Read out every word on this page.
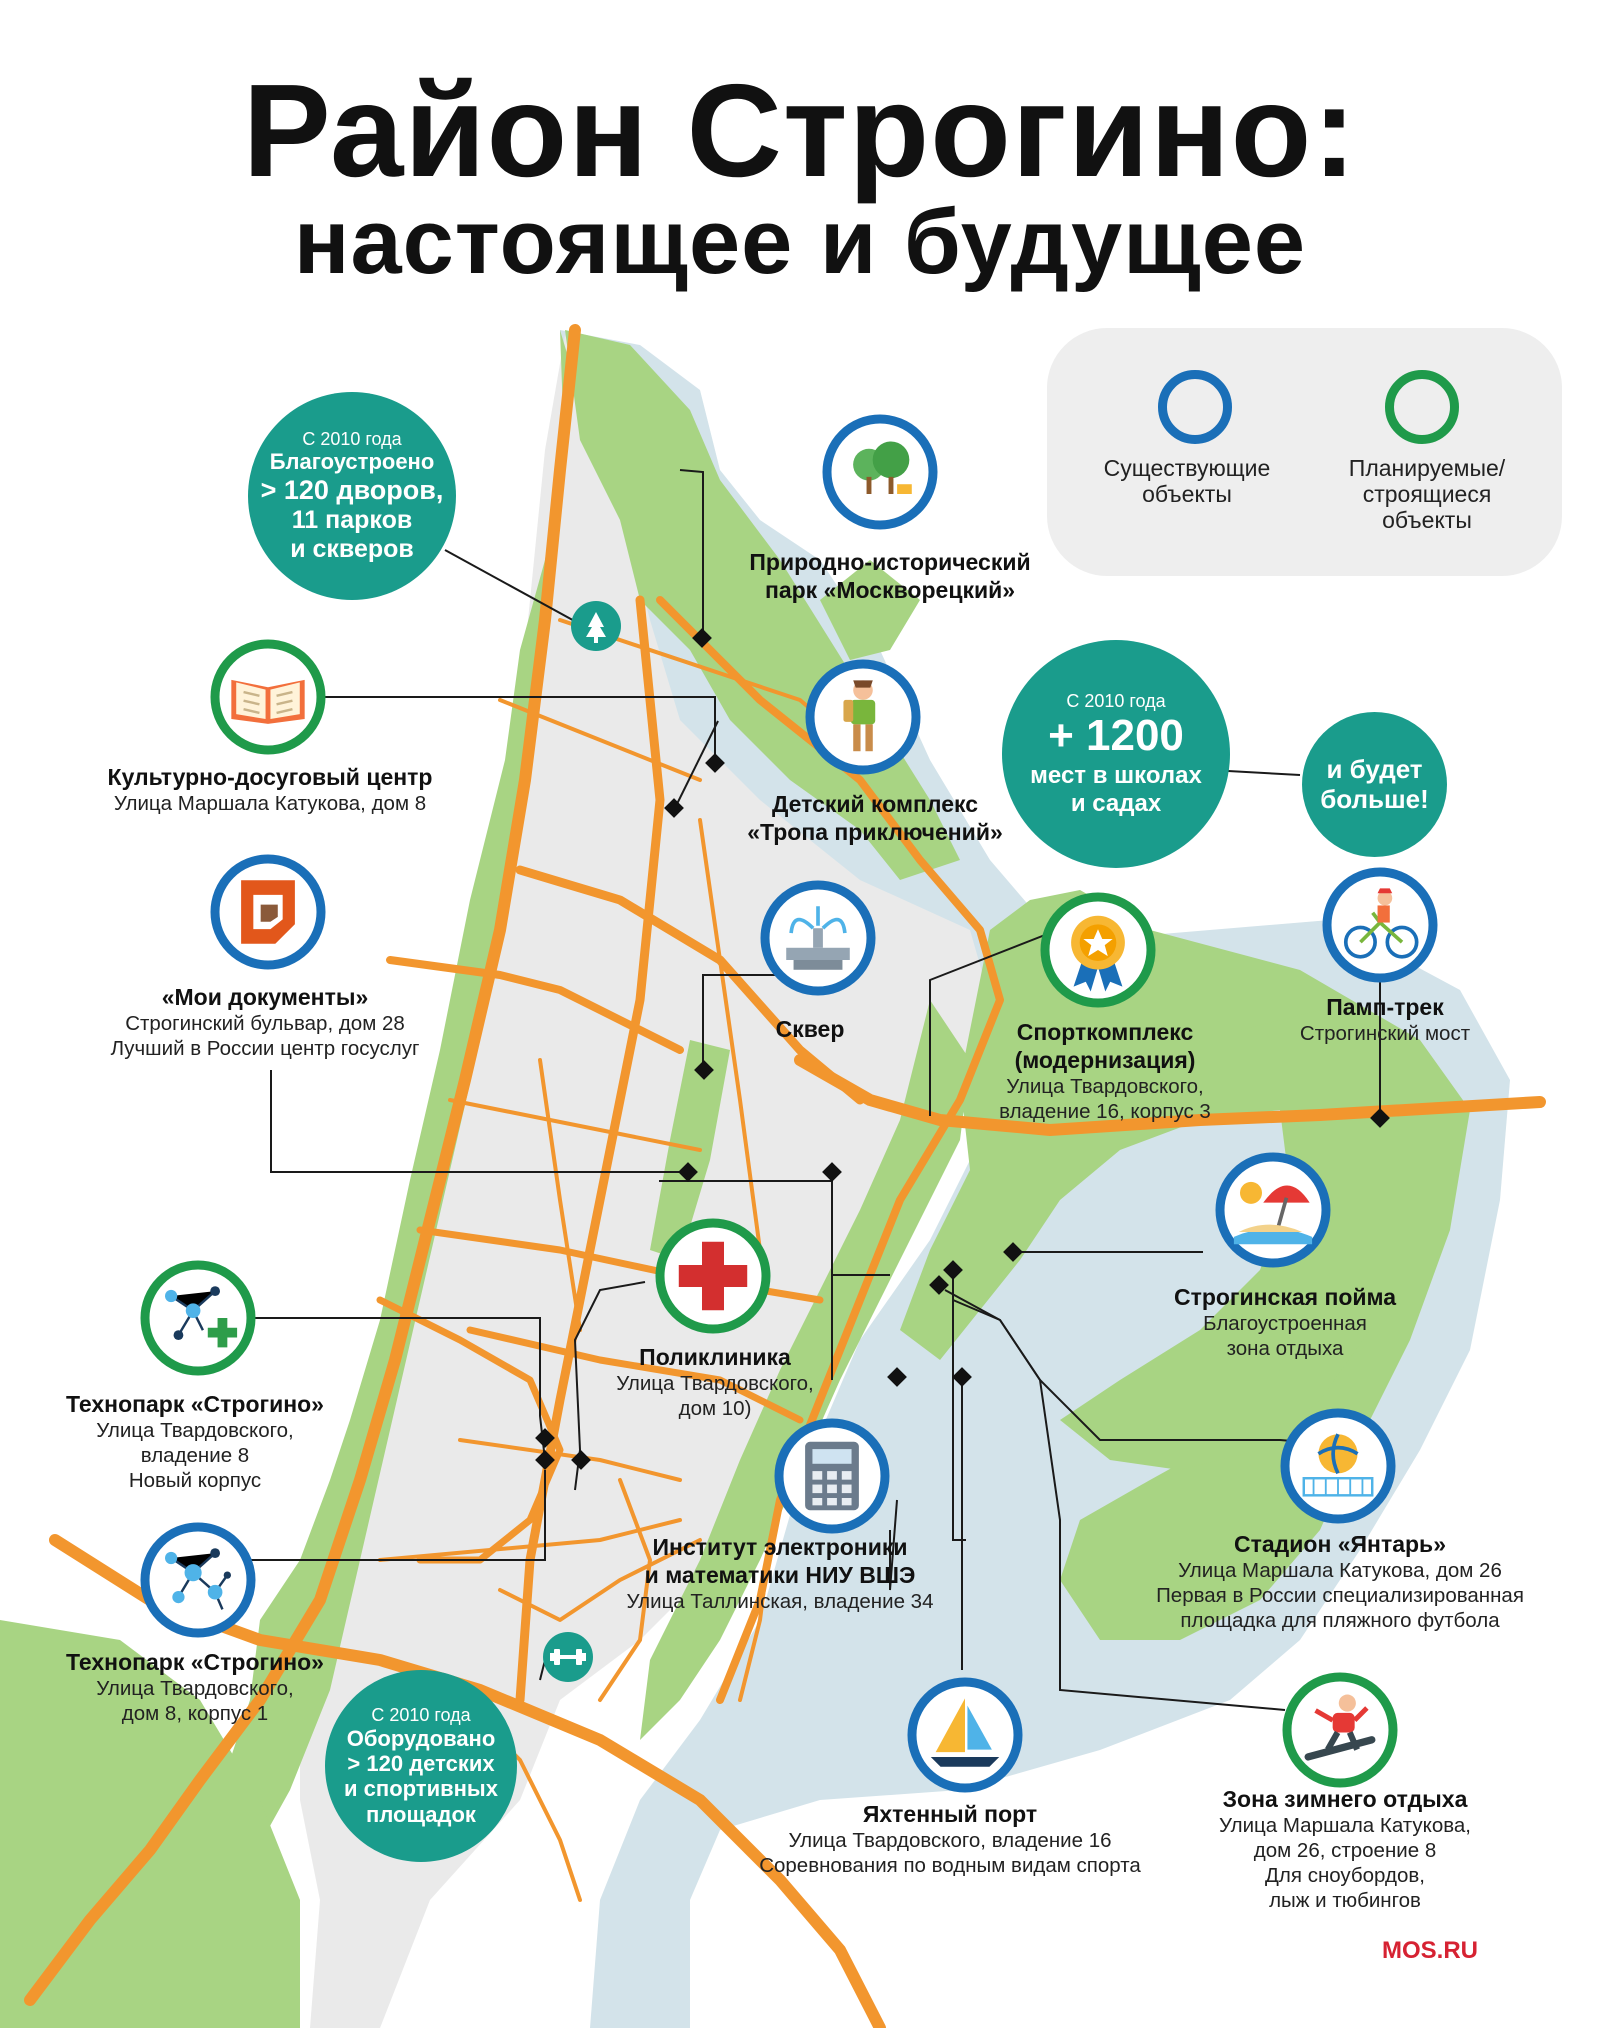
Район Строгино:
настоящее и будущее
Существующие
объекты
Планируемые/
строящиеся
объекты
С 2010 года
Благоустроено
> 120 дворов,
11 парков
и скверов
С 2010 года
+ 1200
мест в школах
и садах
и будет
больше!
С 2010 года
Оборудовано
> 120 детских
и спортивных
площадок
Природно-исторический
парк «Москворецкий»
Культурно-досуговый центр
Улица Маршала Катукова, дом 8	Детский комплекс
«Тропа приключений»
«Мои документы»
Строгинский бульвар, дом 28
Лучший в России центр госуслуг
Сквер	Спорткомплекс
(модернизация)
Улица Твардовского,
владение 16, корпус 3
Памп-трек
Строгинский мост
Строгинская пойма
Благоустроенная
зона отдыха
Поликлиника
Улица Твардовского,
дом 10)
Технопарк «Строгино»
Улица Твардовского,
владение 8
Новый корпус
Институт электроники
и математики НИУ ВШЭ
Улица Таллинская, владение 34
Стадион «Янтарь»
Улица Маршала Катукова, дом 26
Первая в России специализированная
площадка для пляжного футбола
Технопарк «Строгино»
Улица Твардовского,
дом 8, корпус 1
Яхтенный порт
Улица Твардовского, владение 16
Соревнования по водным видам спорта
Зона зимнего отдыха
Улица Маршала Катукова,
дом 26, строение 8
Для сноубордов,
лыж и тюбингов
MOS.RU
